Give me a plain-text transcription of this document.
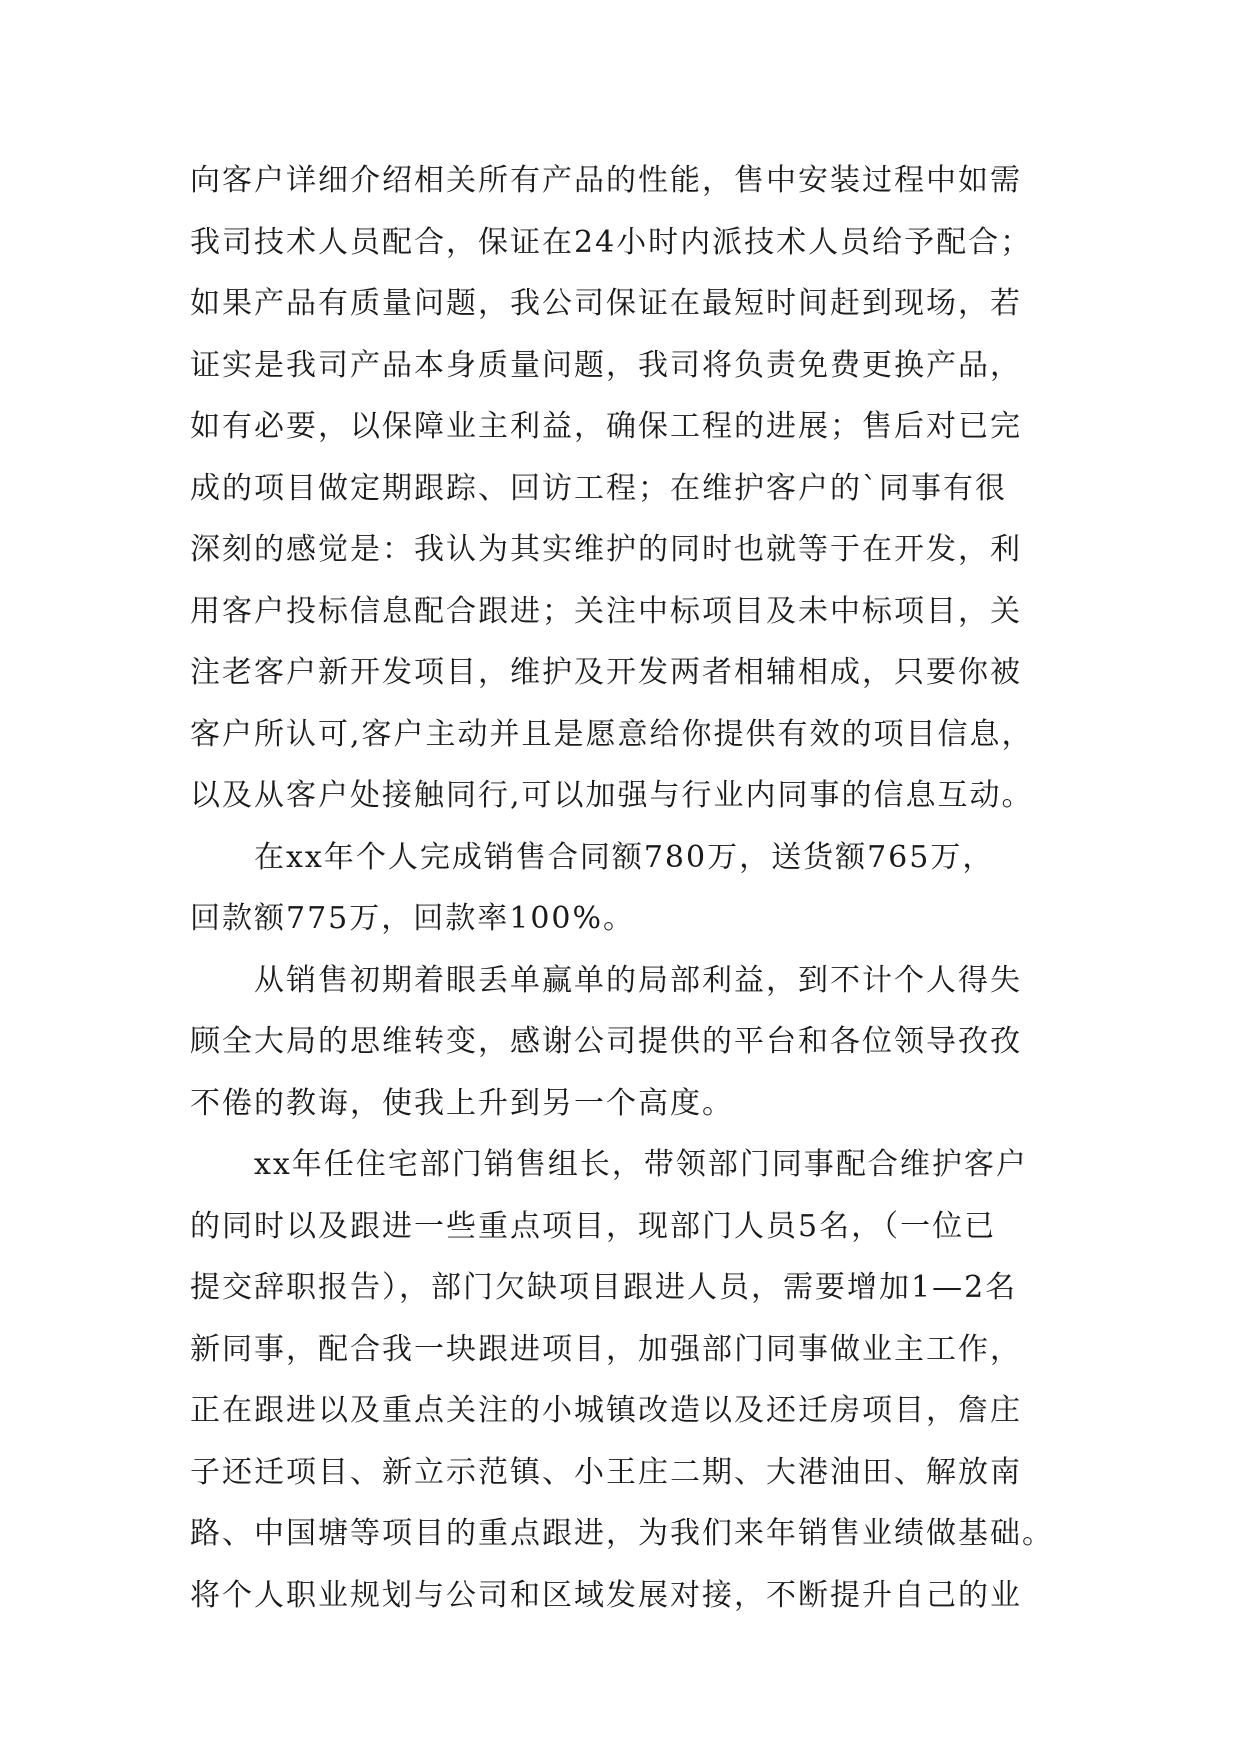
向客户详细介绍相关所有产品的性能，售中安装过程中如需
我司技术人员配合，保证在24小时内派技术人员给予配合；
如果产品有质量问题，我公司保证在最短时间赶到现场，若
证实是我司产品本身质量问题，我司将负责免费更换产品，
如有必要，以保障业主利益，确保工程的进展；售后对已完
成的项目做定期跟踪、回访工程；在维护客户的`同事有很
深刻的感觉是：我认为其实维护的同时也就等于在开发，利
用客户投标信息配合跟进；关注中标项目及未中标项目，关
注老客户新开发项目，维护及开发两者相辅相成，只要你被
客户所认可,客户主动并且是愿意给你提供有效的项目信息，
以及从客户处接触同行,可以加强与行业内同事的信息互动。
在xx年个人完成销售合同额780万，送货额765万，
回款额775万，回款率100%。
从销售初期着眼丢单赢单的局部利益，到不计个人得失
顾全大局的思维转变，感谢公司提供的平台和各位领导孜孜
不倦的教诲，使我上升到另一个高度。
xx年任住宅部门销售组长，带领部门同事配合维护客户
的同时以及跟进一些重点项目，现部门人员5名，（一位已
提交辞职报告），部门欠缺项目跟进人员，需要增加1—2名
新同事，配合我一块跟进项目，加强部门同事做业主工作，
正在跟进以及重点关注的小城镇改造以及还迁房项目，詹庄
子还迁项目、新立示范镇、小王庄二期、大港油田、解放南
路、中国塘等项目的重点跟进，为我们来年销售业绩做基础。
将个人职业规划与公司和区域发展对接，不断提升自己的业
